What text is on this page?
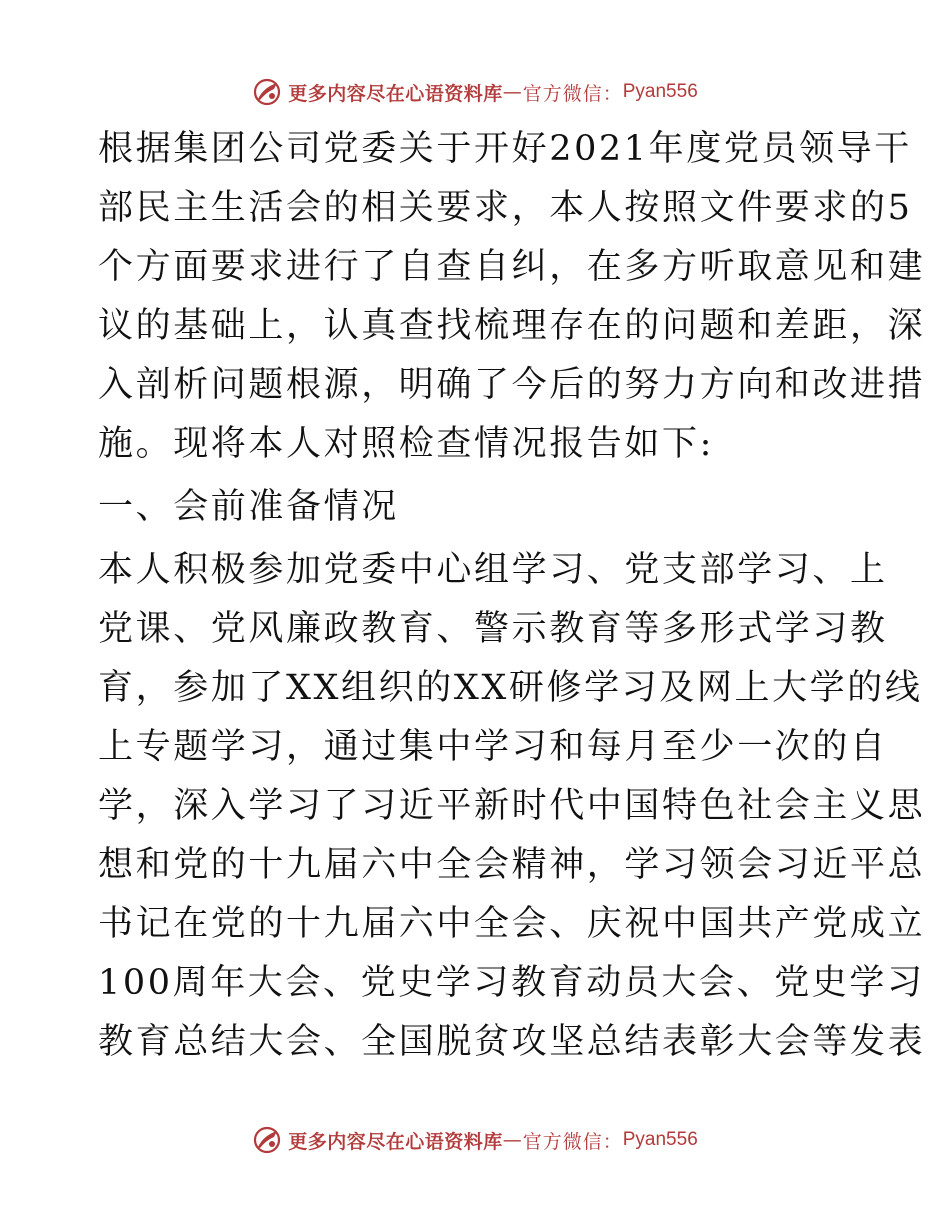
更多内容尽在心语资料库 — 官方微信： Pyan556
根据集团公司党委关于开好2021年度党员领导干
部民主生活会的相关要求，本人按照文件要求的5
个方面要求进行了自查自纠，在多方听取意见和建
议的基础上，认真查找梳理存在的问题和差距，深
入剖析问题根源，明确了今后的努力方向和改进措
施。现将本人对照检查情况报告如下:
一、会前准备情况
本人积极参加党委中心组学习、党支部学习、上
党课、党风廉政教育、警示教育等多形式学习教
育，参加了XX组织的XX研修学习及网上大学的线
上专题学习，通过集中学习和每月至少一次的自
学，深入学习了习近平新时代中国特色社会主义思
想和党的十九届六中全会精神，学习领会习近平总
书记在党的十九届六中全会、庆祝中国共产党成立
100周年大会、党史学习教育动员大会、党史学习
教育总结大会、全国脱贫攻坚总结表彰大会等发表
更多内容尽在心语资料库 — 官方微信： Pyan556
